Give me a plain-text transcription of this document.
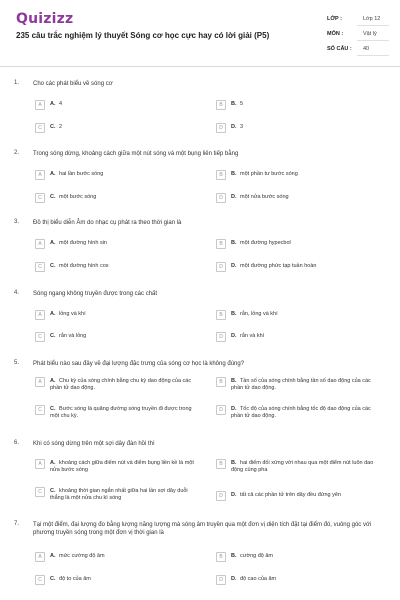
Quizizz
235 câu trắc nghiệm lý thuyết Sóng cơ học cực hay có lời giải (P5)
LỚP :	Lớp 12
MÔN :	Vật lý
SỐ CÂU : 40
1. Cho các phát biểu về sóng cơ
A	A. 4	B	B. 5
C	C. 2	D	D. 3
2. Trong sóng dừng, khoảng cách giữa một nút sóng và một bụng liên tiếp bằng
A	A. hai lần bước sóng	B	B. một phần tư bước sóng
C	C. một bước sóng	D	D. một nửa bước sóng
3. Đồ thị biểu diễn Âm do nhạc cụ phát ra theo thời gian là
A	A. một đường hình sin	B	B. một đường hypecbol
C	C. một đường hình cos	D	D. một đường phức tạp tuần hoàn
4. Sóng ngang không truyền được trong các chất
A	A. lỏng và khí	B	B. rắn, lỏng và khí
C	C. rắn và lỏng	D	D. rắn và khí
5. Phát biểu nào sau đây về đại lượng đặc trưng của sóng cơ học là không đúng?
A	A. Chu kỳ của sóng chính bằng chu kỳ dao động của các phần tử dao động.
B	B. Tần số của sóng chính bằng tần số dao động của các phần tử dao động.
C	C. Bước sóng là quãng đường sóng truyền đi được trong một chu kỳ.
D	D. Tốc độ của sóng chính bằng tốc độ dao động của các phần tử dao động.
6. Khi có sóng dừng trên một sợi dây đàn hồi thì
A	A. khoảng cách giữa điểm nút và điểm bụng liền kề là một nửa bước sóng
B	B. hai điểm đối xứng với nhau qua một điểm nút luôn dao động cùng pha
C	C. khoảng thời gian ngắn nhất giữa hai lần sợi dây duỗi thẳng là một nửa chu kì sóng	D	D. tất cả các phần tử trên dây đều đứng yên
7. Tại một điểm, đại lượng đo bằng lượng năng lượng mà sóng âm truyền qua một đơn vị diện tích đặt tại điểm đó, vuông góc với phương truyền sóng trong một đơn vị thời gian là
A	A. mức cường độ âm	B	B. cường độ âm
C	C. độ to của âm	D	D. độ cao của âm
